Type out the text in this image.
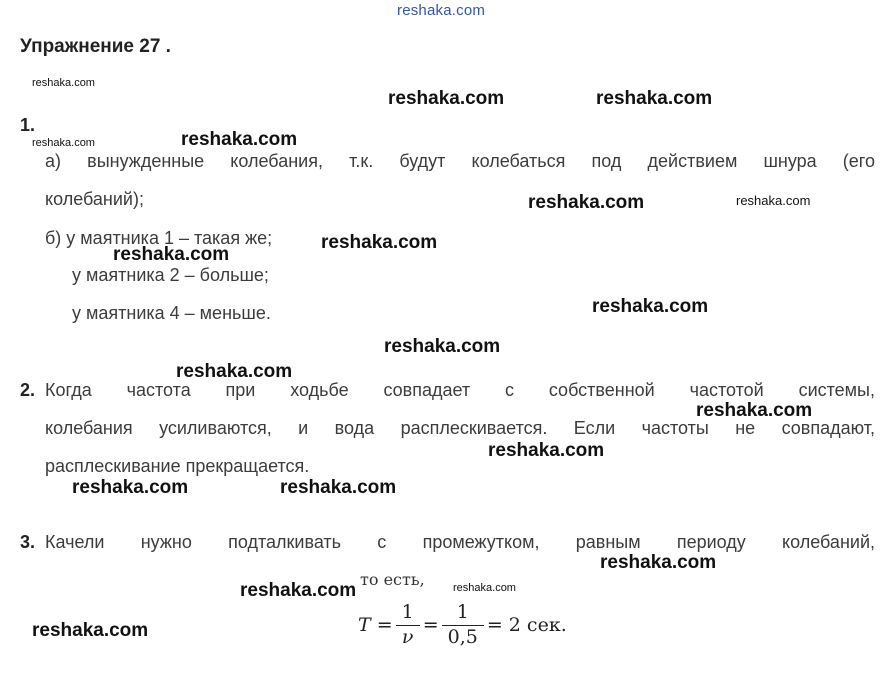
reshaka.com
Упражнение 27 .
1.
а) вынужденные колебания, т.к. будут колебаться под действием шнура (его
колебаний);
б) у маятника 1 – такая же;
у маятника 2 – больше;
у маятника 4 – меньше.
2. Когда частота при ходьбе совпадает с собственной частотой системы,
колебания усиливаются, и вода расплескивается. Если частоты не совпадают,
расплескивание прекращается.
3. Качели нужно подталкивать с промежутком, равным периоду колебаний,
то есть,
$T = \frac{1}{\nu} = \frac{1}{0,5} = 2$ сек.
reshaka.com
reshaka.com	reshaka.com
reshaka.com	reshaka.com
reshaka.com	reshaka.com
reshaka.com
reshaka.com
reshaka.com
reshaka.com
reshaka.com
reshaka.com
reshaka.com
reshaka.com	reshaka.com
reshaka.com
reshaka.com
reshaka.com
reshaka.com
